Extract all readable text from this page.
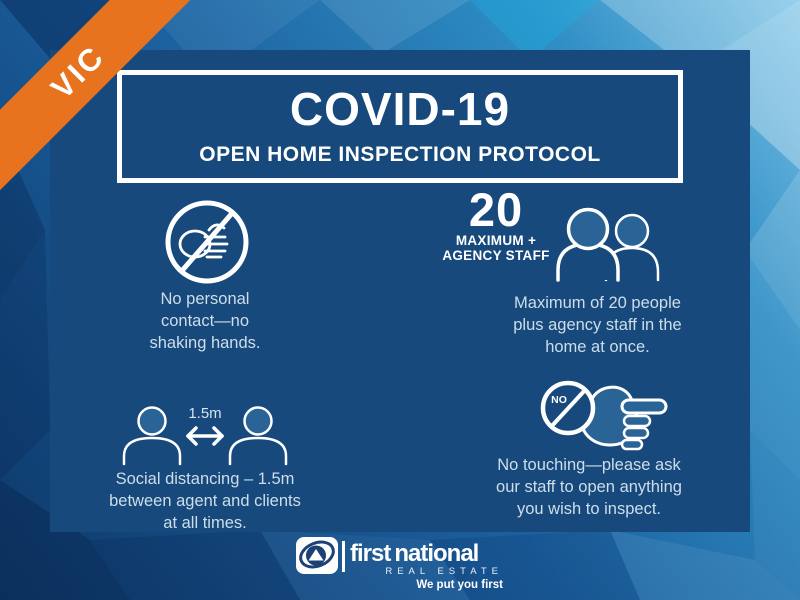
COVID-19
OPEN HOME INSPECTION PROTOCOL
No personal
contact—no
shaking hands.
20
MAXIMUM +
AGENCY STAFF
Maximum of 20 people
plus agency staff in the
home at once.
1.5m
Social distancing – 1.5m
between agent and clients
at all times.
NO
No touching—please ask
our staff to open anything
you wish to inspect.
VIC
first national
REAL ESTATE
We put you first
